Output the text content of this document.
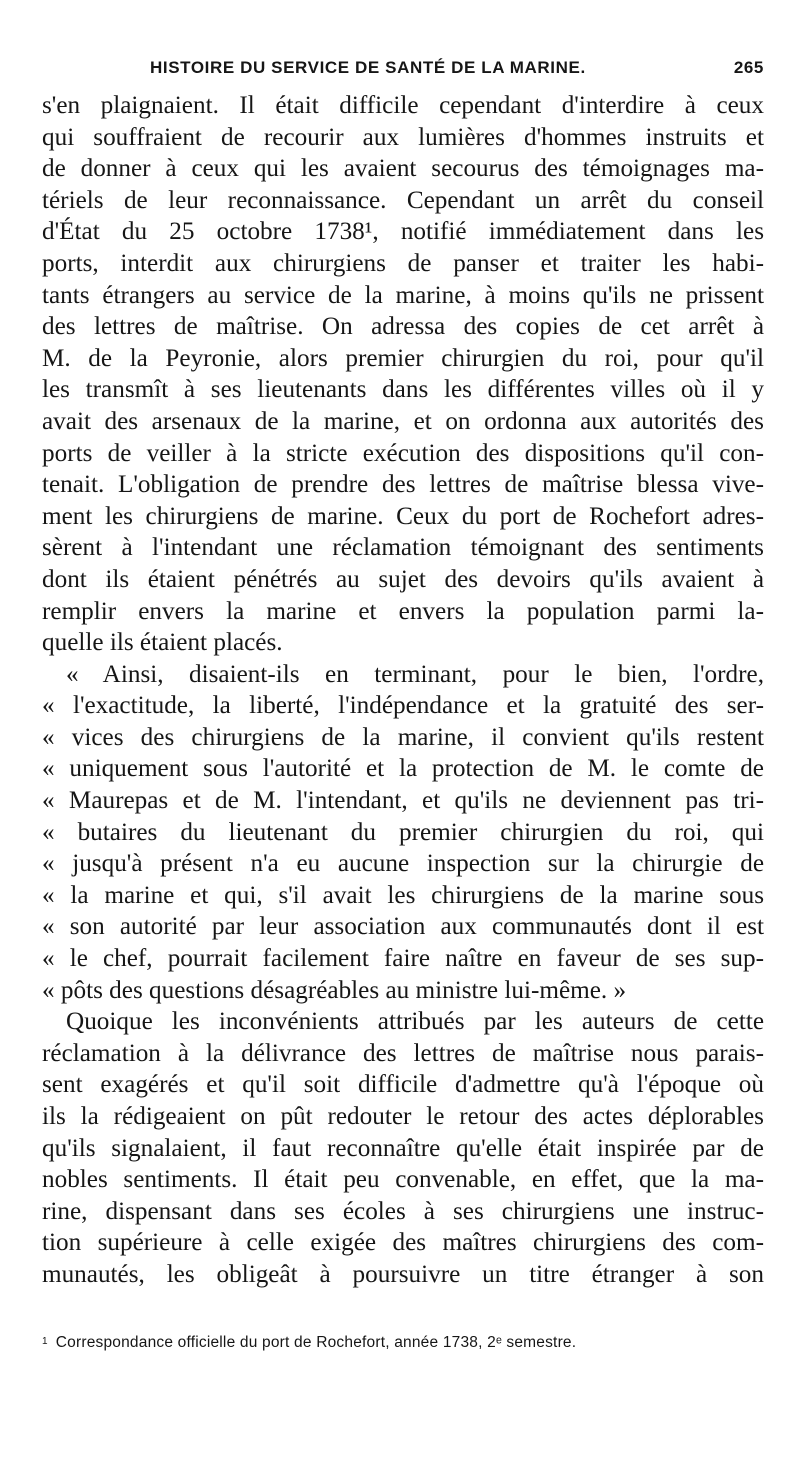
HISTOIRE DU SERVICE DE SANTÉ DE LA MARINE.	265
s'en plaignaient. Il était difficile cependant d'interdire à ceux
qui souffraient de recourir aux lumières d'hommes instruits et
de donner à ceux qui les avaient secourus des témoignages ma-
tériels de leur reconnaissance. Cependant un arrêt du conseil
d'État du 25 octobre 1738¹, notifié immédiatement dans les
ports, interdit aux chirurgiens de panser et traiter les habi-
tants étrangers au service de la marine, à moins qu'ils ne prissent
des lettres de maîtrise. On adressa des copies de cet arrêt à
M. de la Peyronie, alors premier chirurgien du roi, pour qu'il
les transmît à ses lieutenants dans les différentes villes où il y
avait des arsenaux de la marine, et on ordonna aux autorités des
ports de veiller à la stricte exécution des dispositions qu'il con-
tenait. L'obligation de prendre des lettres de maîtrise blessa vive-
ment les chirurgiens de marine. Ceux du port de Rochefort adres-
sèrent à l'intendant une réclamation témoignant des sentiments
dont ils étaient pénétrés au sujet des devoirs qu'ils avaient à
remplir envers la marine et envers la population parmi la-
quelle ils étaient placés.
« Ainsi, disaient-ils en terminant, pour le bien, l'ordre,
« l'exactitude, la liberté, l'indépendance et la gratuité des ser-
« vices des chirurgiens de la marine, il convient qu'ils restent
« uniquement sous l'autorité et la protection de M. le comte de
« Maurepas et de M. l'intendant, et qu'ils ne deviennent pas tri-
« butaires du lieutenant du premier chirurgien du roi, qui
« jusqu'à présent n'a eu aucune inspection sur la chirurgie de
« la marine et qui, s'il avait les chirurgiens de la marine sous
« son autorité par leur association aux communautés dont il est
« le chef, pourrait facilement faire naître en faveur de ses sup-
« pôts des questions désagréables au ministre lui-même. »
Quoique les inconvénients attribués par les auteurs de cette
réclamation à la délivrance des lettres de maîtrise nous parais-
sent exagérés et qu'il soit difficile d'admettre qu'à l'époque où
ils la rédigeaient on pût redouter le retour des actes déplorables
qu'ils signalaient, il faut reconnaître qu'elle était inspirée par de
nobles sentiments. Il était peu convenable, en effet, que la ma-
rine, dispensant dans ses écoles à ses chirurgiens une instruc-
tion supérieure à celle exigée des maîtres chirurgiens des com-
munautés, les obligeât à poursuivre un titre étranger à son
1 Correspondance officielle du port de Rochefort, année 1738, 2ᵉ semestre.
